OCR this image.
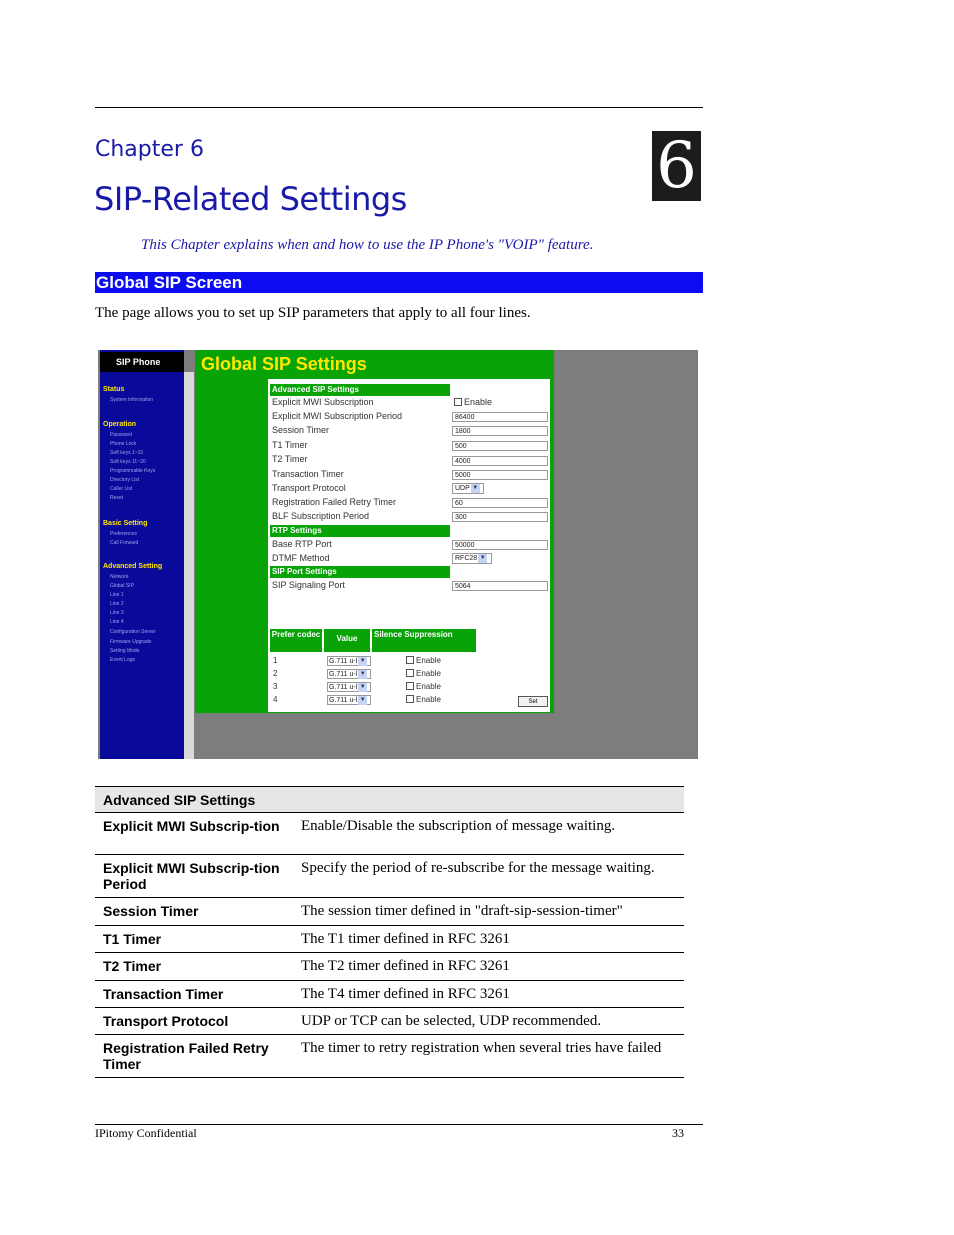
Chapter 6
SIP-Related Settings	6
This Chapter explains when and how to use the IP Phone's "VOIP" feature.
Global SIP Screen
The page allows you to set up SIP parameters that apply to all four lines.
SIP Phone
Status
System Information
Operation
Password
Phone Lock
Soft keys 1~10
Soft keys 11~20
Programmable Keys
Directory List
Caller List
Reset
Basic Setting
Preferences
Call Forward
Advanced Setting
Network
Global SIP
Line 1
Line 2
Line 3
Line 4
Configuration Server
Firmware Upgrade
Setting Mode
Event Logs
Global SIP Settings
Advanced SIP Settings
Explicit MWI Subscription	Enable
Explicit MWI Subscription Period	86400
Session Timer	1800
T1 Timer	500
T2 Timer	4000
Transaction Timer	5000
Transport Protocol	UDP ▼
Registration Failed Retry Timer	60
BLF Subscription Period	300
RTP Settings
Base RTP Port	50000
DTMF Method	RFC28 ▼
SIP Port Settings
SIP Signaling Port	5064
Prefer codec	Value	Silence Suppression
1	G.711 u-l ▼	Enable
2	G.711 u-l ▼	Enable
3	G.711 u-l ▼	Enable
4	G.711 u-l ▼	Enable	Set
Advanced SIP Settings	
Explicit MWI Subscrip-tion	Enable/Disable the subscription of message waiting.
Explicit MWI Subscrip-tion Period	Specify the period of re-subscribe for the message waiting.
Session Timer	The session timer defined in "draft-sip-session-timer"
T1 Timer	The T1 timer defined in RFC 3261
T2 Timer	The T2 timer defined in RFC 3261
Transaction Timer	The T4 timer defined in RFC 3261
Transport Protocol	UDP or TCP can be selected, UDP recommended.
Registration Failed Retry Timer	The timer to retry registration when several tries have failed
IPitomy Confidential	33
